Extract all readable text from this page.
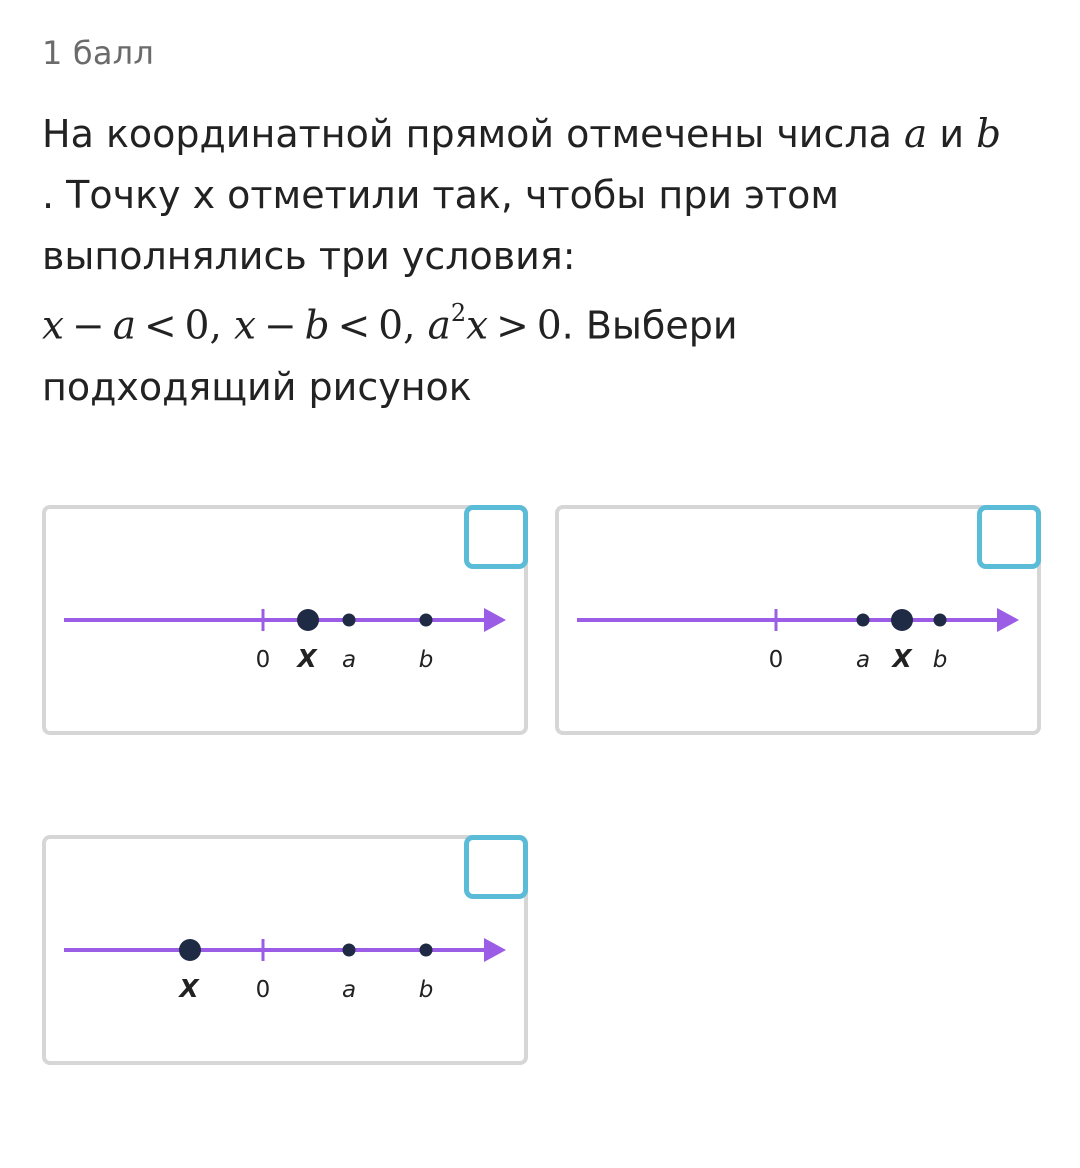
1 балл
На координатной прямой отмечены числа a и b
. Точку x отметили так, чтобы при этом
выполнялись три условия:
x − a < 0, x − b < 0, $a^2x > 0$. Выбери
подходящий рисунок
0 X a	b	0	a X b
X 0	a	b
